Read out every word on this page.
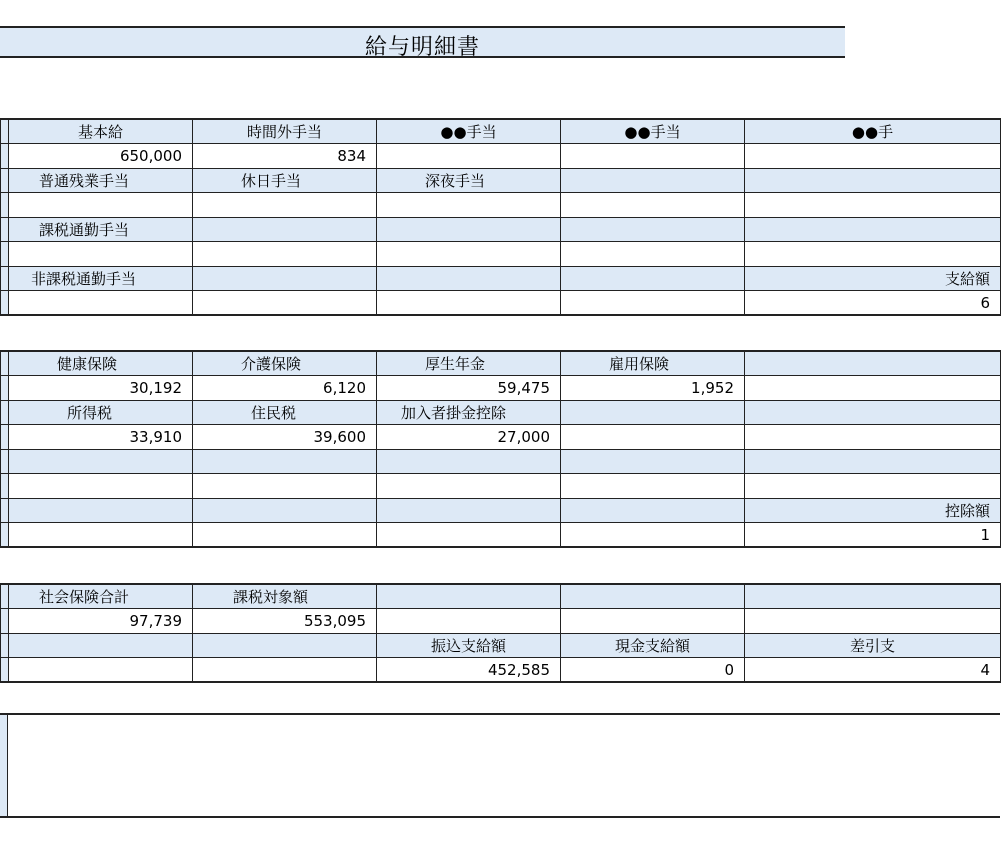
給与明細書
	基本給	時間外手当	●●手当	●●手当	●●手
	650,000	834			
	普通残業手当	休日手当	深夜手当		

	課税通勤手当				

	非課税通勤手当				支給額
					6
	健康保険	介護保険	厚生年金	雇用保険	
	30,192	6,120	59,475	1,952	
	所得税	住民税	加入者掛金控除		
	33,910	39,600	27,000		

					控除額
					1
	社会保険合計	課税対象額			
	97,739	553,095			
			振込支給額	現金支給額	差引支
			452,585	0	4
